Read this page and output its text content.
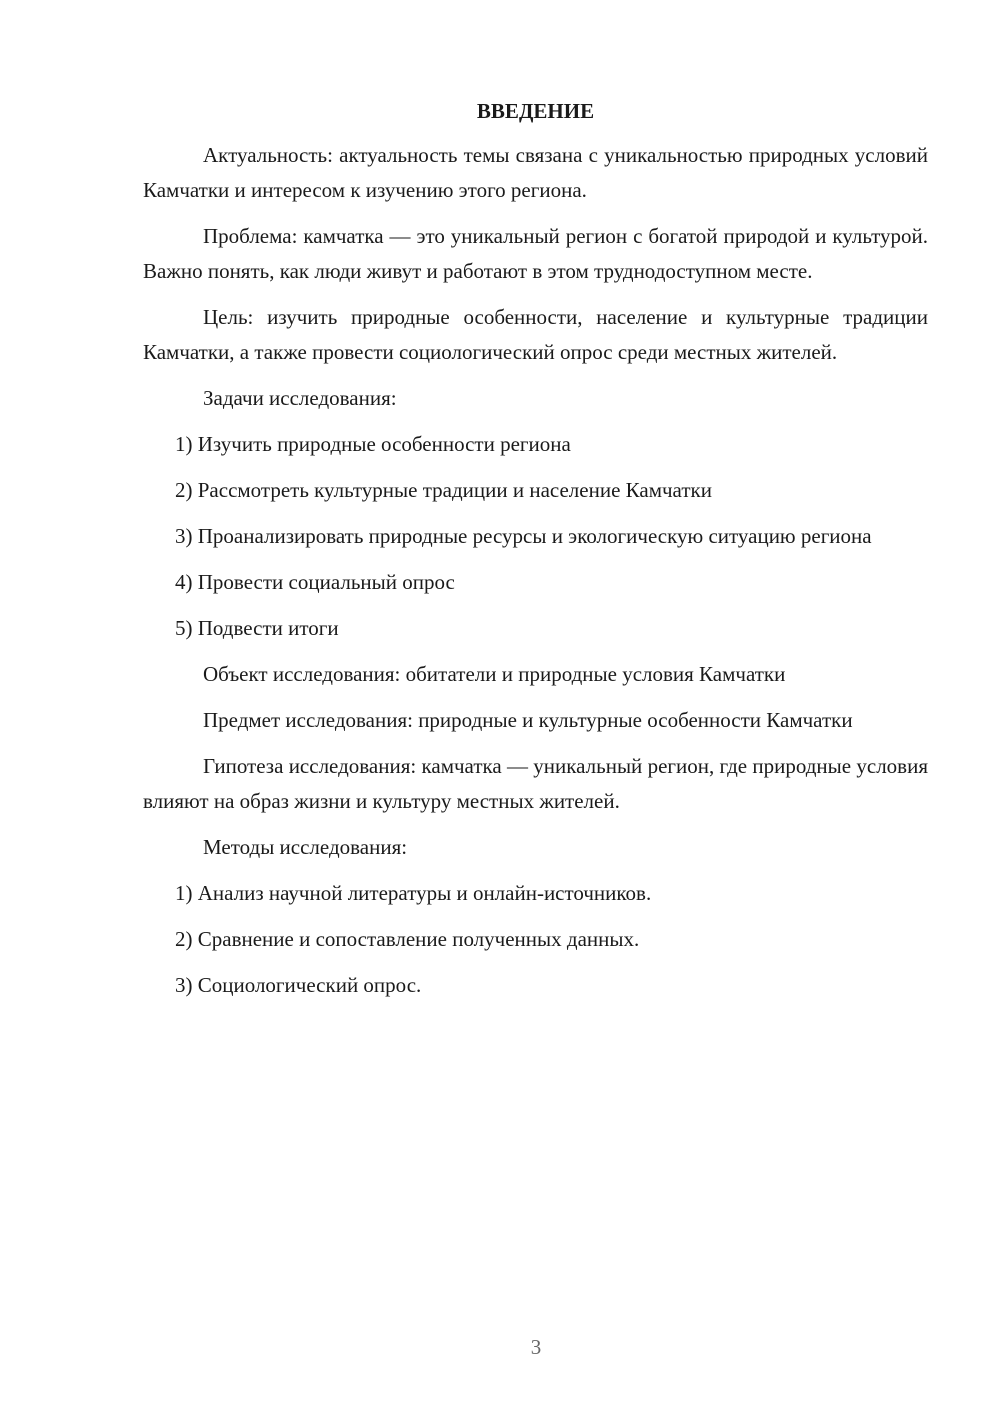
ВВЕДЕНИЕ

Актуальность: актуальность темы связана с уникальностью природных условий Камчатки и интересом к изучению этого региона.

Проблема: камчатка — это уникальный регион с богатой природой и культурой. Важно понять, как люди живут и работают в этом труднодоступном месте.

Цель: изучить природные особенности, население и культурные традиции Камчатки, а также провести социологический опрос среди местных жителей.

Задачи исследования:

1) Изучить природные особенности региона

2) Рассмотреть культурные традиции и население Камчатки

3) Проанализировать природные ресурсы и экологическую ситуацию региона

4) Провести социальный опрос

5) Подвести итоги

Объект исследования: обитатели и природные условия Камчатки

Предмет исследования: природные и культурные особенности Камчатки

Гипотеза исследования: камчатка — уникальный регион, где природные условия влияют на образ жизни и культуру местных жителей.

Методы исследования:

1) Анализ научной литературы и онлайн-источников.

2) Сравнение и сопоставление полученных данных.

3) Социологический опрос.

3
